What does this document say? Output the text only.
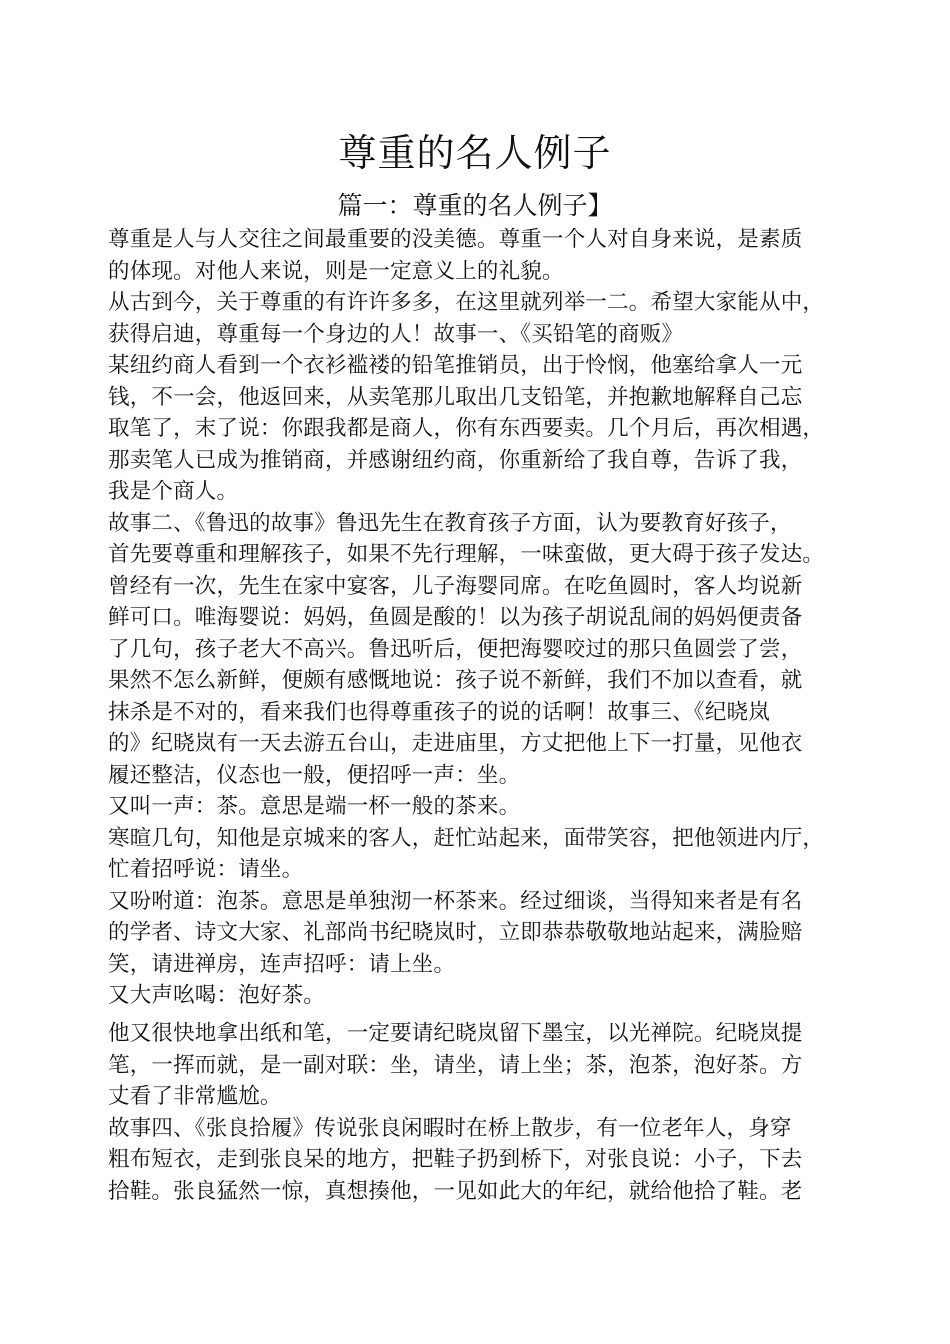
尊重的名人例子
篇一：尊重的名人例子】
尊重是人与人交往之间最重要的没美德。尊重一个人对自身来说，是素质
的体现。对他人来说，则是一定意义上的礼貌。
从古到今，关于尊重的有许许多多，在这里就列举一二。希望大家能从中，
获得启迪，尊重每一个身边的人！故事一、《买铅笔的商贩》
某纽约商人看到一个衣衫褴褛的铅笔推销员，出于怜悯，他塞给拿人一元
钱，不一会，他返回来，从卖笔那儿取出几支铅笔，并抱歉地解释自己忘
取笔了，末了说：你跟我都是商人，你有东西要卖。几个月后，再次相遇，
那卖笔人已成为推销商，并感谢纽约商，你重新给了我自尊，告诉了我，
我是个商人。
故事二、《鲁迅的故事》鲁迅先生在教育孩子方面，认为要教育好孩子，
首先要尊重和理解孩子，如果不先行理解，一味蛮做，更大碍于孩子发达。
曾经有一次，先生在家中宴客，儿子海婴同席。在吃鱼圆时，客人均说新
鲜可口。唯海婴说：妈妈，鱼圆是酸的！以为孩子胡说乱闹的妈妈便责备
了几句，孩子老大不高兴。鲁迅听后，便把海婴咬过的那只鱼圆尝了尝，
果然不怎么新鲜，便颇有感慨地说：孩子说不新鲜，我们不加以查看，就
抹杀是不对的，看来我们也得尊重孩子的说的话啊！故事三、《纪晓岚
的》纪晓岚有一天去游五台山，走进庙里，方丈把他上下一打量，见他衣
履还整洁，仪态也一般，便招呼一声：坐。
又叫一声：茶。意思是端一杯一般的茶来。
寒暄几句，知他是京城来的客人，赶忙站起来，面带笑容，把他领进内厅，
忙着招呼说：请坐。
又吩咐道：泡茶。意思是单独沏一杯茶来。经过细谈，当得知来者是有名
的学者、诗文大家、礼部尚书纪晓岚时，立即恭恭敬敬地站起来，满脸赔
笑，请进禅房，连声招呼：请上坐。
又大声吆喝：泡好茶。
他又很快地拿出纸和笔，一定要请纪晓岚留下墨宝，以光禅院。纪晓岚提
笔，一挥而就，是一副对联：坐，请坐，请上坐；茶，泡茶，泡好茶。方
丈看了非常尴尬。
故事四、《张良拾履》传说张良闲暇时在桥上散步，有一位老年人，身穿
粗布短衣，走到张良呆的地方，把鞋子扔到桥下，对张良说：小子，下去
拾鞋。张良猛然一惊，真想揍他，一见如此大的年纪，就给他拾了鞋。老
